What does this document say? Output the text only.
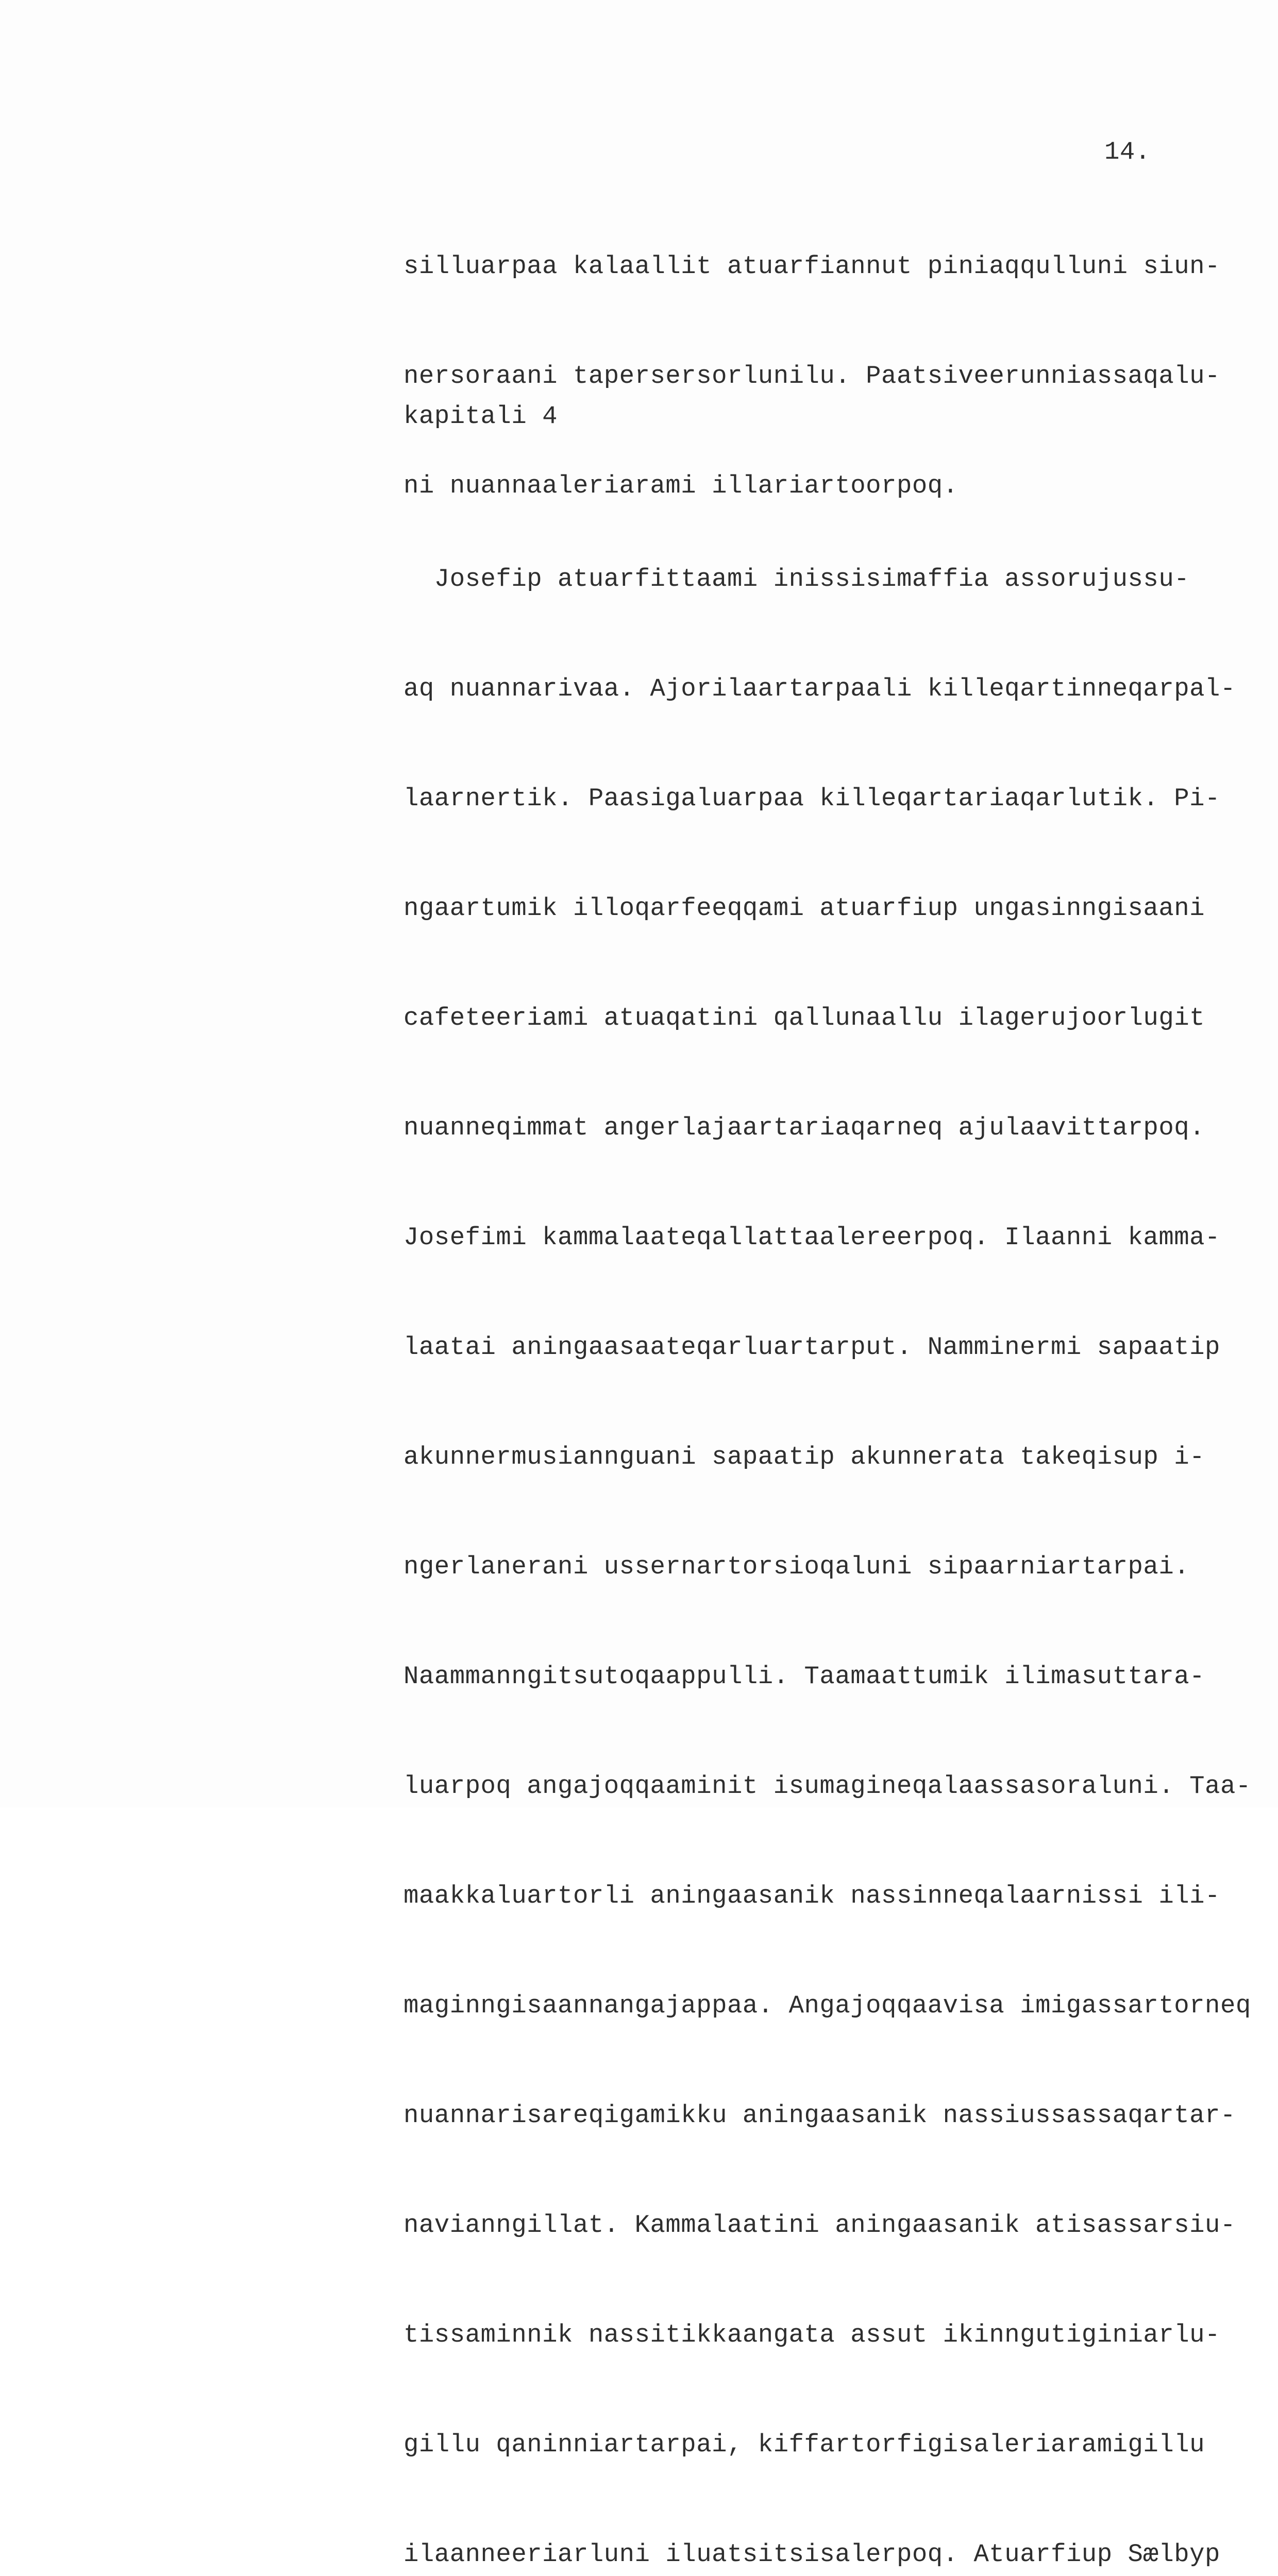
14.

silluarpaa kalaallit atuarfiannut piniaqqulluni siun-

nersoraani tapersersorlunilu. Paatsiveerunniassaqalu-

ni nuannaaleriarami illariartoorpoq.

kapitali 4

Josefip atuarfittaami inissisimaffia assorujussu-

aq nuannarivaa. Ajorilaartarpaali killeqartinneqarpal-

laarnertik. Paasigaluarpaa killeqartariaqarlutik. Pi-

ngaartumik illoqarfeeqqami atuarfiup ungasinngisaani

cafeteeriami atuaqatini qallunaallu ilagerujoorlugit

nuanneqimmat angerlajaartariaqarneq ajulaavittarpoq.

Josefimi kammalaateqallattaalereerpoq. Ilaanni kamma-

laatai aningaasaateqarluartarput. Namminermi sapaatip

akunnermusiannguani sapaatip akunnerata takeqisup i-

ngerlanerani ussernartorsioqaluni sipaarniartarpai.

Naammanngitsutoqaappulli. Taamaattumik ilimasuttara-

luarpoq angajoqqaaminit isumagineqalaassasoraluni. Taa-

maakkaluartorli aningaasanik nassinneqalaarnissi ili-

maginngisaannangajappaa. Angajoqqaavisa imigassartorneq

nuannarisareqigamikku aningaasanik nassiussassaqartar-

navianngillat. Kammalaatini aningaasanik atisassarsiu-

tissaminnik nassitikkaangata assut ikinngutiginiarlu-

gillu qaninniartarpai, kiffartorfigisaleriaramigillu

ilaanneeriarluni iluatsitsisalerpoq. Atuarfiup Sælbyp
